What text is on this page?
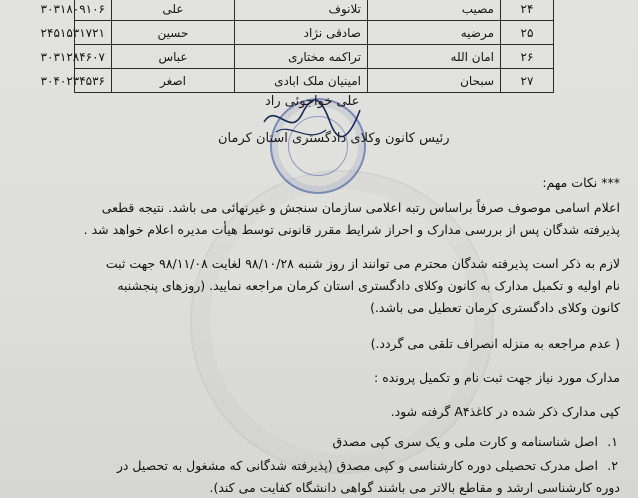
۲۴	مصیب	تلانوف	علی	۳۰۳۱۸۰۹۱۰۶
۲۵	مرضیه	صادقی نژاد	حسین	۲۴۵۱۵۳۱۷۲۱
۲۶	امان الله	تراکمه مختاری	عباس	۳۰۳۱۲۸۴۶۰۷
۲۷	سبحان	امینیان ملک ابادی	اصغر	۳۰۴۰۲۳۴۵۳۶
علی خواجوئی راد
رئیس کانون وکلای دادگستری استان کرمان
*** نکات مهم:
اعلام اسامی موصوف صرفاً براساس رتبه اعلامی سازمان سنجش و غیرنهائی می باشد. نتیجه قطعی
پذیرفته شدگان پس از بررسی مدارک و احراز شرایط مقرر قانونی توسط هیأت مدیره اعلام خواهد شد .
لازم به ذکر است پذیرفته شدگان محترم می توانند از روز شنبه ۹۸/۱۰/۲۸ لغایت ۹۸/۱۱/۰۸ جهت ثبت
نام اولیه و تکمیل مدارک به کانون وکلای دادگستری استان کرمان مراجعه نمایید. (روزهای پنجشنبه
کانون وکلای دادگستری کرمان تعطیل می باشد.)
( عدم مراجعه به منزله انصراف تلقی می گردد.)
مدارک مورد نیاز جهت ثبت نام و تکمیل پرونده :
کپی مدارک ذکر شده در کاغذA۴ گرفته شود.
۱. اصل شناسنامه و کارت ملی و یک سری کپی مصدق
۲. اصل مدرک تحصیلی دوره کارشناسی و کپی مصدق (پذیرفته شدگانی که مشغول به تحصیل در
دوره کارشناسی ارشد و مقاطع بالاتر می باشند گواهی دانشگاه کفایت می کند).
